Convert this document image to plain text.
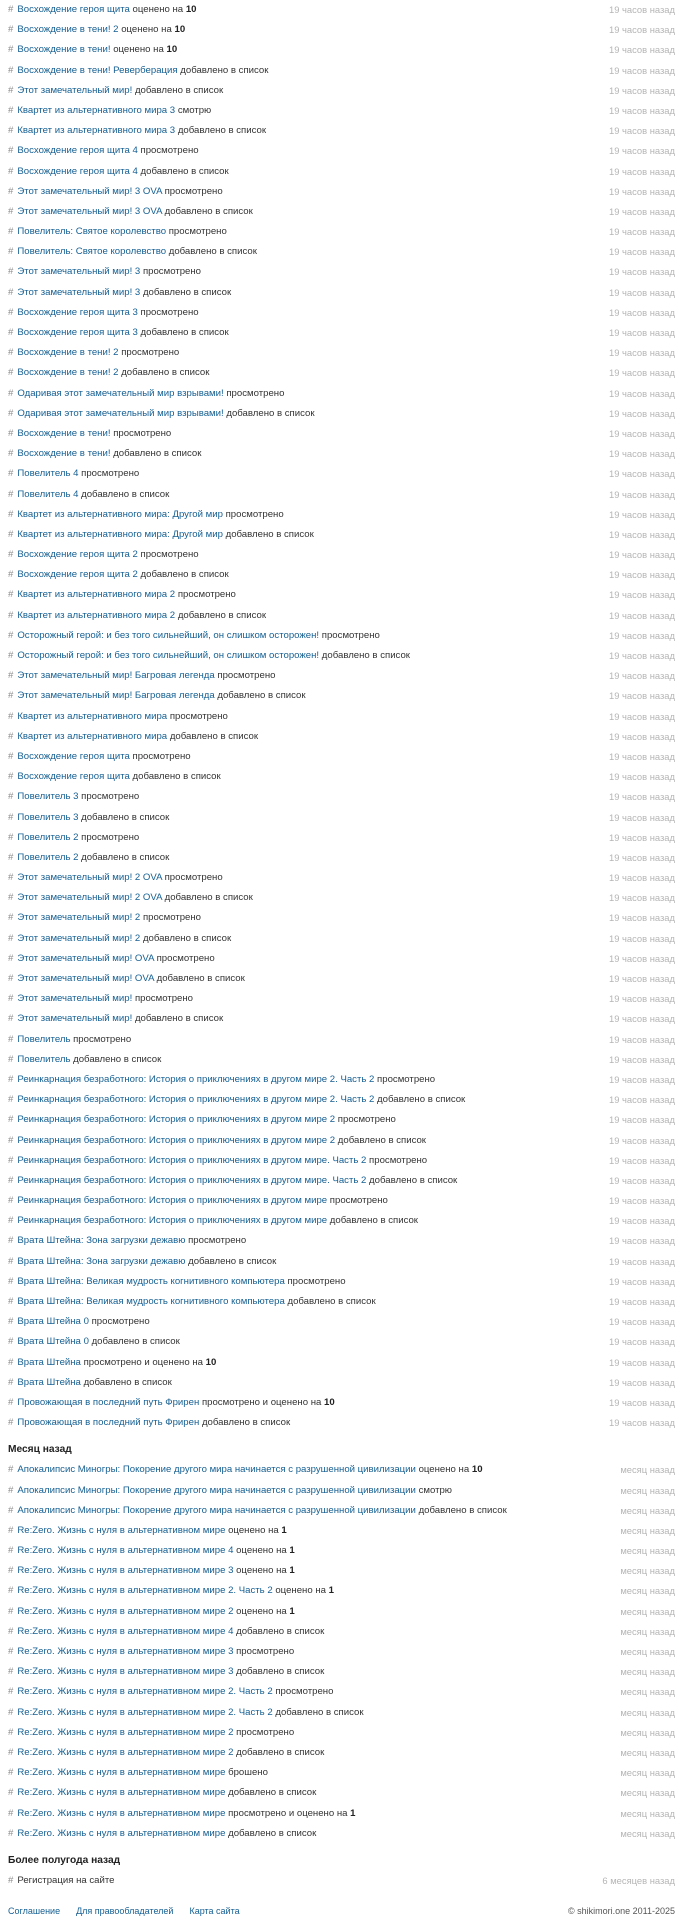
# Восхождение героя щита оценено на 10	19 часов назад
# Восхождение в тени! 2 оценено на 10	19 часов назад
# Восхождение в тени! оценено на 10	19 часов назад
# Восхождение в тени! Реверберация добавлено в список	19 часов назад
# Этот замечательный мир! добавлено в список	19 часов назад
# Квартет из альтернативного мира 3 смотрю	19 часов назад
# Квартет из альтернативного мира 3 добавлено в список	19 часов назад
# Восхождение героя щита 4 просмотрено	19 часов назад
# Восхождение героя щита 4 добавлено в список	19 часов назад
# Этот замечательный мир! 3 OVA просмотрено	19 часов назад
# Этот замечательный мир! 3 OVA добавлено в список	19 часов назад
# Повелитель: Святое королевство просмотрено	19 часов назад
# Повелитель: Святое королевство добавлено в список	19 часов назад
# Этот замечательный мир! 3 просмотрено	19 часов назад
# Этот замечательный мир! 3 добавлено в список	19 часов назад
# Восхождение героя щита 3 просмотрено	19 часов назад
# Восхождение героя щита 3 добавлено в список	19 часов назад
# Восхождение в тени! 2 просмотрено	19 часов назад
# Восхождение в тени! 2 добавлено в список	19 часов назад
# Одаривая этот замечательный мир взрывами! просмотрено	19 часов назад
# Одаривая этот замечательный мир взрывами! добавлено в список	19 часов назад
# Восхождение в тени! просмотрено	19 часов назад
# Восхождение в тени! добавлено в список	19 часов назад
# Повелитель 4 просмотрено	19 часов назад
# Повелитель 4 добавлено в список	19 часов назад
# Квартет из альтернативного мира: Другой мир просмотрено	19 часов назад
# Квартет из альтернативного мира: Другой мир добавлено в список	19 часов назад
# Восхождение героя щита 2 просмотрено	19 часов назад
# Восхождение героя щита 2 добавлено в список	19 часов назад
# Квартет из альтернативного мира 2 просмотрено	19 часов назад
# Квартет из альтернативного мира 2 добавлено в список	19 часов назад
# Осторожный герой: и без того сильнейший, он слишком осторожен! просмотрено	19 часов назад
# Осторожный герой: и без того сильнейший, он слишком осторожен! добавлено в список	19 часов назад
# Этот замечательный мир! Багровая легенда просмотрено	19 часов назад
# Этот замечательный мир! Багровая легенда добавлено в список	19 часов назад
# Квартет из альтернативного мира просмотрено	19 часов назад
# Квартет из альтернативного мира добавлено в список	19 часов назад
# Восхождение героя щита просмотрено	19 часов назад
# Восхождение героя щита добавлено в список	19 часов назад
# Повелитель 3 просмотрено	19 часов назад
# Повелитель 3 добавлено в список	19 часов назад
# Повелитель 2 просмотрено	19 часов назад
# Повелитель 2 добавлено в список	19 часов назад
# Этот замечательный мир! 2 OVA просмотрено	19 часов назад
# Этот замечательный мир! 2 OVA добавлено в список	19 часов назад
# Этот замечательный мир! 2 просмотрено	19 часов назад
# Этот замечательный мир! 2 добавлено в список	19 часов назад
# Этот замечательный мир! OVA просмотрено	19 часов назад
# Этот замечательный мир! OVA добавлено в список	19 часов назад
# Этот замечательный мир! просмотрено	19 часов назад
# Этот замечательный мир! добавлено в список	19 часов назад
# Повелитель просмотрено	19 часов назад
# Повелитель добавлено в список	19 часов назад
# Реинкарнация безработного: История о приключениях в другом мире 2. Часть 2 просмотрено	19 часов назад
# Реинкарнация безработного: История о приключениях в другом мире 2. Часть 2 добавлено в список	19 часов назад
# Реинкарнация безработного: История о приключениях в другом мире 2 просмотрено	19 часов назад
# Реинкарнация безработного: История о приключениях в другом мире 2 добавлено в список	19 часов назад
# Реинкарнация безработного: История о приключениях в другом мире. Часть 2 просмотрено	19 часов назад
# Реинкарнация безработного: История о приключениях в другом мире. Часть 2 добавлено в список	19 часов назад
# Реинкарнация безработного: История о приключениях в другом мире просмотрено	19 часов назад
# Реинкарнация безработного: История о приключениях в другом мире добавлено в список	19 часов назад
# Врата Штейна: Зона загрузки дежавю просмотрено	19 часов назад
# Врата Штейна: Зона загрузки дежавю добавлено в список	19 часов назад
# Врата Штейна: Великая мудрость когнитивного компьютера просмотрено	19 часов назад
# Врата Штейна: Великая мудрость когнитивного компьютера добавлено в список	19 часов назад
# Врата Штейна 0 просмотрено	19 часов назад
# Врата Штейна 0 добавлено в список	19 часов назад
# Врата Штейна просмотрено и оценено на 10	19 часов назад
# Врата Штейна добавлено в список	19 часов назад
# Провожающая в последний путь Фрирен просмотрено и оценено на 10	19 часов назад
# Провожающая в последний путь Фрирен добавлено в список	19 часов назад
Месяц назад
# Апокалипсис Миногры: Покорение другого мира начинается с разрушенной цивилизации оценено на 10	месяц назад
# Апокалипсис Миногры: Покорение другого мира начинается с разрушенной цивилизации смотрю	месяц назад
# Апокалипсис Миногры: Покорение другого мира начинается с разрушенной цивилизации добавлено в список	месяц назад
# Re:Zero. Жизнь с нуля в альтернативном мире оценено на 1	месяц назад
# Re:Zero. Жизнь с нуля в альтернативном мире 4 оценено на 1	месяц назад
# Re:Zero. Жизнь с нуля в альтернативном мире 3 оценено на 1	месяц назад
# Re:Zero. Жизнь с нуля в альтернативном мире 2. Часть 2 оценено на 1	месяц назад
# Re:Zero. Жизнь с нуля в альтернативном мире 2 оценено на 1	месяц назад
# Re:Zero. Жизнь с нуля в альтернативном мире 4 добавлено в список	месяц назад
# Re:Zero. Жизнь с нуля в альтернативном мире 3 просмотрено	месяц назад
# Re:Zero. Жизнь с нуля в альтернативном мире 3 добавлено в список	месяц назад
# Re:Zero. Жизнь с нуля в альтернативном мире 2. Часть 2 просмотрено	месяц назад
# Re:Zero. Жизнь с нуля в альтернативном мире 2. Часть 2 добавлено в список	месяц назад
# Re:Zero. Жизнь с нуля в альтернативном мире 2 просмотрено	месяц назад
# Re:Zero. Жизнь с нуля в альтернативном мире 2 добавлено в список	месяц назад
# Re:Zero. Жизнь с нуля в альтернативном мире брошено	месяц назад
# Re:Zero. Жизнь с нуля в альтернативном мире добавлено в список	месяц назад
# Re:Zero. Жизнь с нуля в альтернативном мире просмотрено и оценено на 1	месяц назад
# Re:Zero. Жизнь с нуля в альтернативном мире добавлено в список	месяц назад
Более полугода назад
# Регистрация на сайте	6 месяцев назад
Соглашение Для правообладателей Карта сайта	© shikimori.one 2011-2025
